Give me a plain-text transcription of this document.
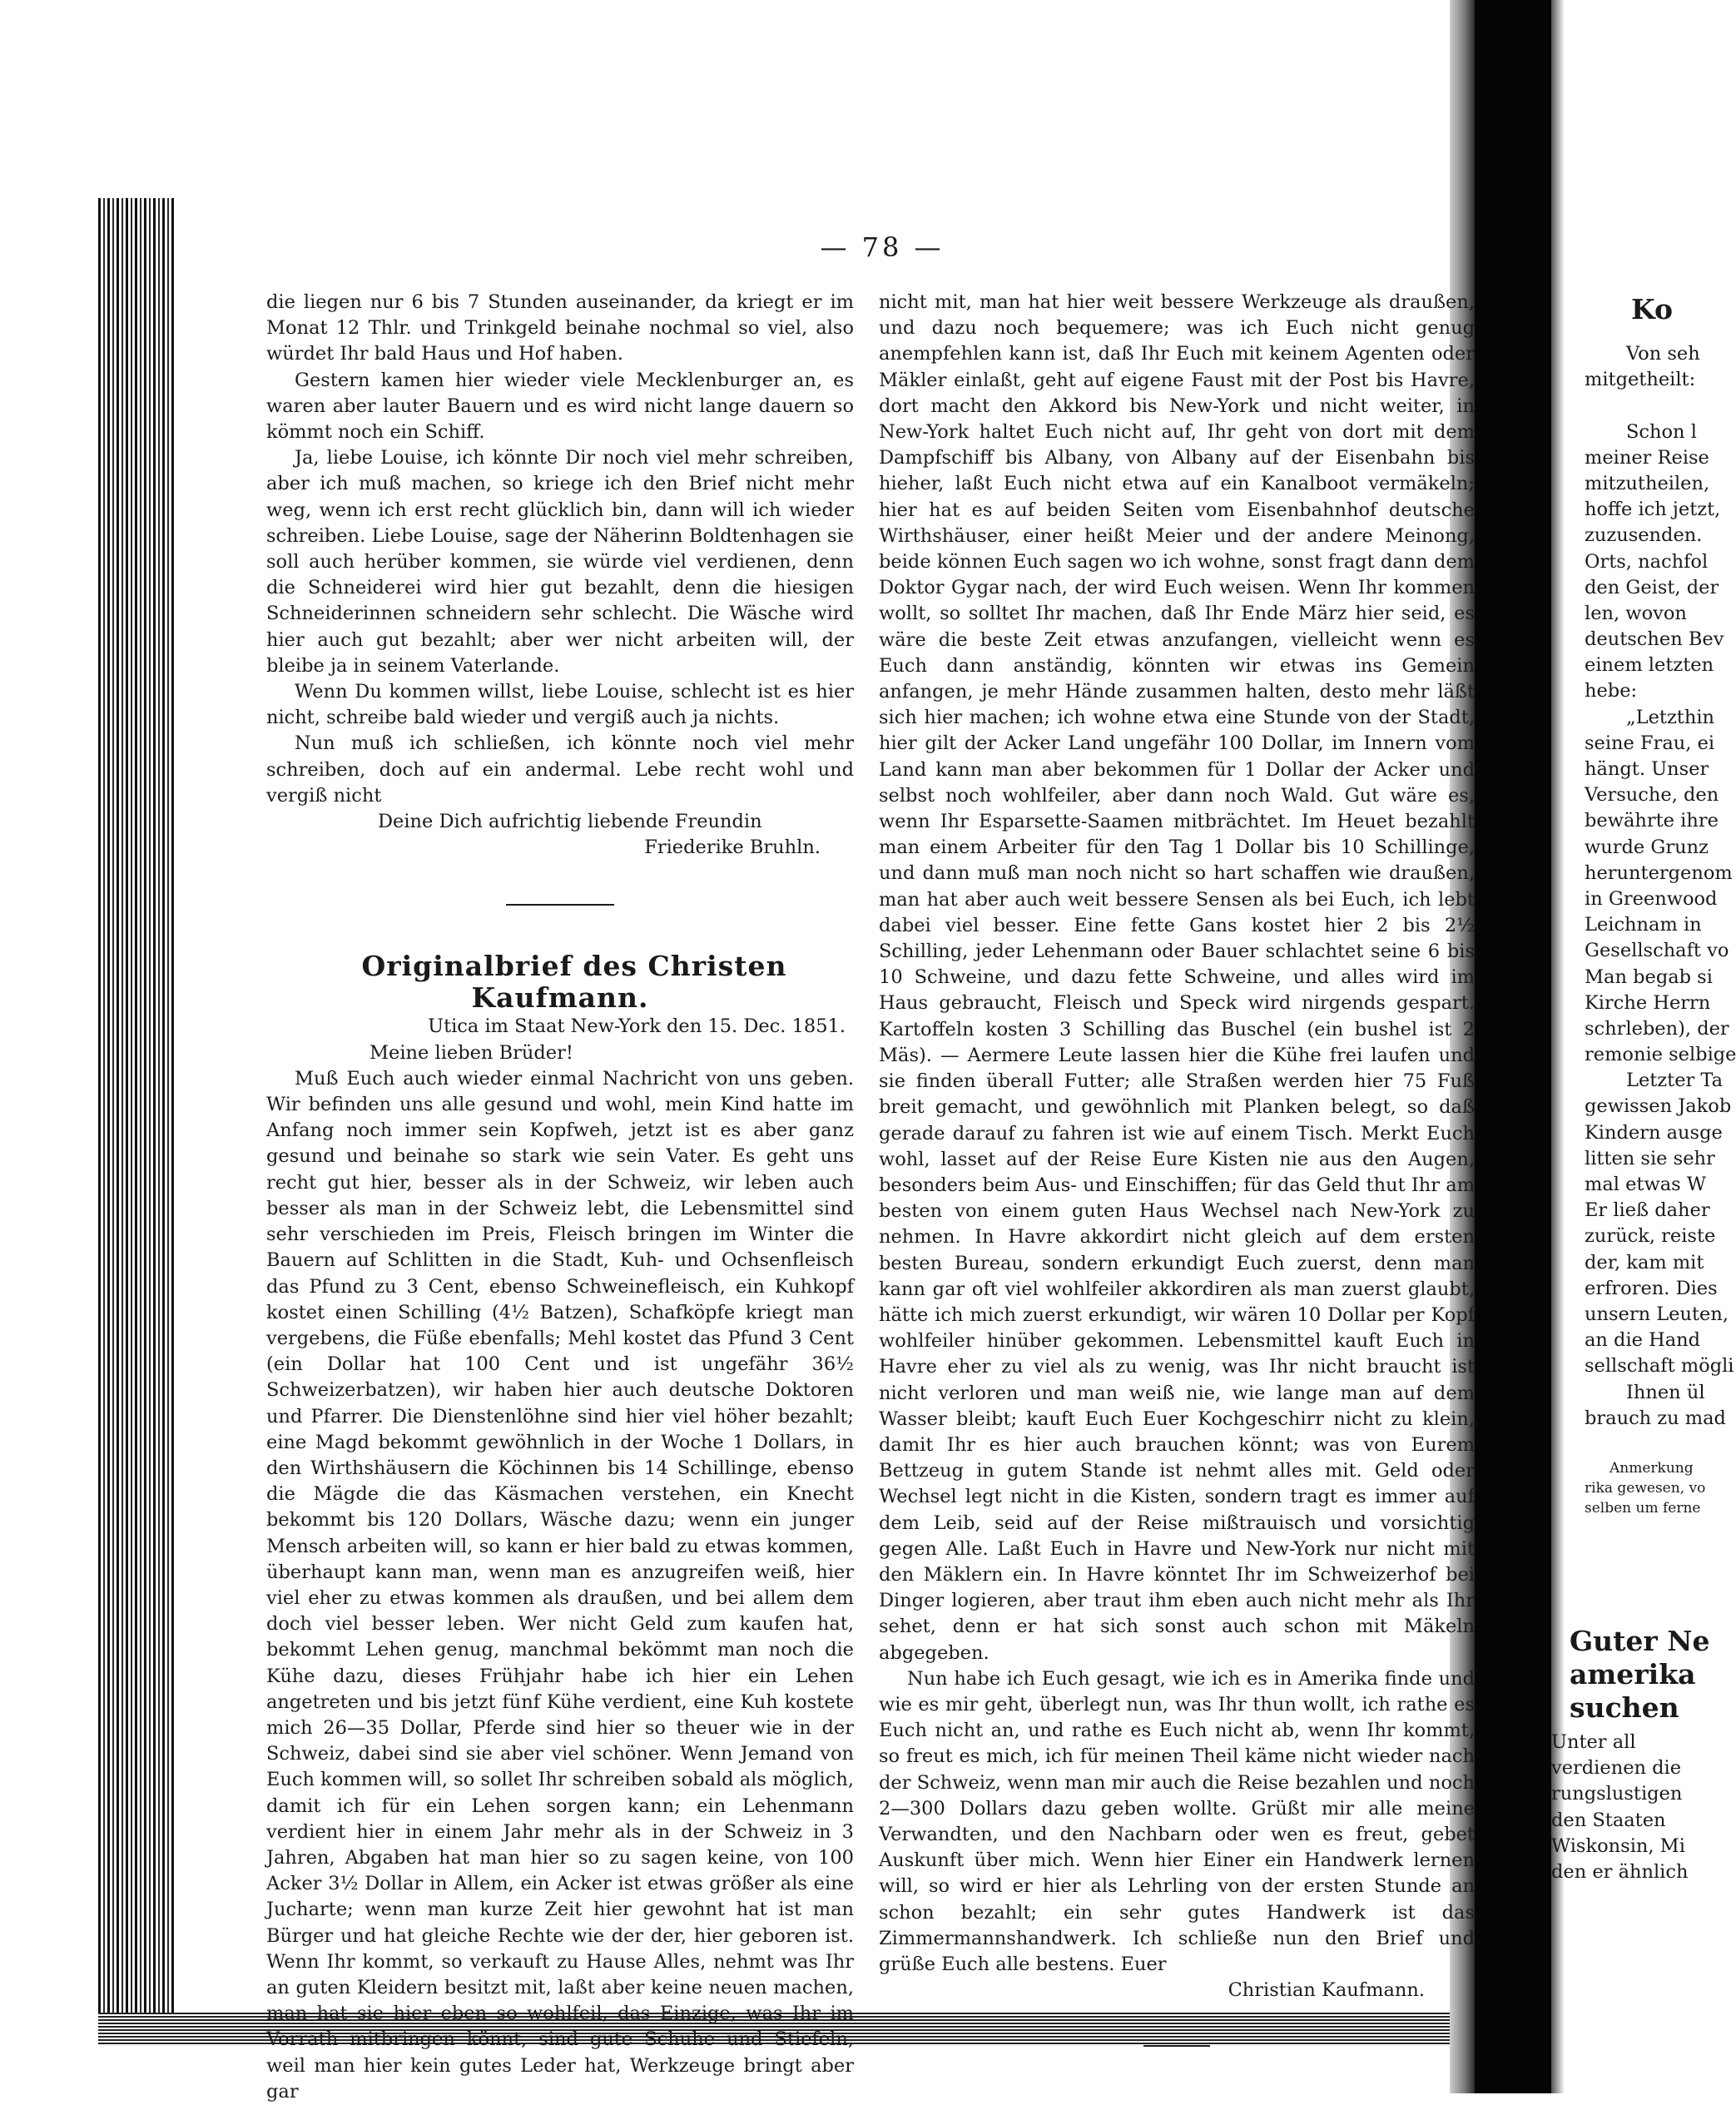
— 78 —

die liegen nur 6 bis 7 Stunden auseinander, da kriegt er im Monat 12 Thlr. und Trinkgeld beinahe nochmal so viel, also würdet Ihr bald Haus und Hof haben.

Gestern kamen hier wieder viele Mecklenburger an, es waren aber lauter Bauern und es wird nicht lange dauern so kömmt noch ein Schiff.

Ja, liebe Louise, ich könnte Dir noch viel mehr schreiben, aber ich muß machen, so kriege ich den Brief nicht mehr weg, wenn ich erst recht glücklich bin, dann will ich wieder schreiben. Liebe Louise, sage der Näherinn Boldtenhagen sie soll auch herüber kommen, sie würde viel verdienen, denn die Schneiderei wird hier gut bezahlt, denn die hiesigen Schneiderinnen schneidern sehr schlecht. Die Wäsche wird hier auch gut bezahlt; aber wer nicht arbeiten will, der bleibe ja in seinem Vaterlande.

Wenn Du kommen willst, liebe Louise, schlecht ist es hier nicht, schreibe bald wieder und vergiß auch ja nichts.

Nun muß ich schließen, ich könnte noch viel mehr schreiben, doch auf ein andermal. Lebe recht wohl und vergiß nicht

Deine Dich aufrichtig liebende Freundin

Friederike Bruhln.

Originalbrief des Christen Kaufmann.

Utica im Staat New-York den 15. Dec. 1851.

Meine lieben Brüder!

Muß Euch auch wieder einmal Nachricht von uns geben. Wir befinden uns alle gesund und wohl, mein Kind hatte im Anfang noch immer sein Kopfweh, jetzt ist es aber ganz gesund und beinahe so stark wie sein Vater. Es geht uns recht gut hier, besser als in der Schweiz, wir leben auch besser als man in der Schweiz lebt, die Lebensmittel sind sehr verschieden im Preis, Fleisch bringen im Winter die Bauern auf Schlitten in die Stadt, Kuh- und Ochsenfleisch das Pfund zu 3 Cent, ebenso Schweinefleisch, ein Kuhkopf kostet einen Schilling (4½ Batzen), Schafköpfe kriegt man vergebens, die Füße ebenfalls; Mehl kostet das Pfund 3 Cent (ein Dollar hat 100 Cent und ist ungefähr 36½ Schweizerbatzen), wir haben hier auch deutsche Doktoren und Pfarrer. Die Dienstenlöhne sind hier viel höher bezahlt; eine Magd bekommt gewöhnlich in der Woche 1 Dollars, in den Wirthshäusern die Köchinnen bis 14 Schillinge, ebenso die Mägde die das Käsmachen verstehen, ein Knecht bekommt bis 120 Dollars, Wäsche dazu; wenn ein junger Mensch arbeiten will, so kann er hier bald zu etwas kommen, überhaupt kann man, wenn man es anzugreifen weiß, hier viel eher zu etwas kommen als draußen, und bei allem dem doch viel besser leben. Wer nicht Geld zum kaufen hat, bekommt Lehen genug, manchmal bekömmt man noch die Kühe dazu, dieses Frühjahr habe ich hier ein Lehen angetreten und bis jetzt fünf Kühe verdient, eine Kuh kostete mich 26—35 Dollar, Pferde sind hier so theuer wie in der Schweiz, dabei sind sie aber viel schöner. Wenn Jemand von Euch kommen will, so sollet Ihr schreiben sobald als möglich, damit ich für ein Lehen sorgen kann; ein Lehenmann verdient hier in einem Jahr mehr als in der Schweiz in 3 Jahren, Abgaben hat man hier so zu sagen keine, von 100 Acker 3½ Dollar in Allem, ein Acker ist etwas größer als eine Jucharte; wenn man kurze Zeit hier gewohnt hat ist man Bürger und hat gleiche Rechte wie der der, hier geboren ist. Wenn Ihr kommt, so verkauft zu Hause Alles, nehmt was Ihr an guten Kleidern besitzt mit, laßt aber keine neuen machen, man hat sie hier eben so wohlfeil, das Einzige, was Ihr im Vorrath mitbringen könnt, sind gute Schuhe und Stiefeln, weil man hier kein gutes Leder hat, Werkzeuge bringt aber gar

nicht mit, man hat hier weit bessere Werkzeuge als draußen, und dazu noch bequemere; was ich Euch nicht genug anempfehlen kann ist, daß Ihr Euch mit keinem Agenten oder Mäkler einlaßt, geht auf eigene Faust mit der Post bis Havre, dort macht den Akkord bis New-York und nicht weiter, in New-York haltet Euch nicht auf, Ihr geht von dort mit dem Dampfschiff bis Albany, von Albany auf der Eisenbahn bis hieher, laßt Euch nicht etwa auf ein Kanalboot vermäkeln; hier hat es auf beiden Seiten vom Eisenbahnhof deutsche Wirthshäuser, einer heißt Meier und der andere Meinong, beide können Euch sagen wo ich wohne, sonst fragt dann dem Doktor Gygar nach, der wird Euch weisen. Wenn Ihr kommen wollt, so solltet Ihr machen, daß Ihr Ende März hier seid, es wäre die beste Zeit etwas anzufangen, vielleicht wenn es Euch dann anständig, könnten wir etwas ins Gemein anfangen, je mehr Hände zusammen halten, desto mehr läßt sich hier machen; ich wohne etwa eine Stunde von der Stadt, hier gilt der Acker Land ungefähr 100 Dollar, im Innern vom Land kann man aber bekommen für 1 Dollar der Acker und selbst noch wohlfeiler, aber dann noch Wald. Gut wäre es, wenn Ihr Esparsette-Saamen mitbrächtet. Im Heuet bezahlt man einem Arbeiter für den Tag 1 Dollar bis 10 Schillinge, und dann muß man noch nicht so hart schaffen wie draußen, man hat aber auch weit bessere Sensen als bei Euch, ich lebt dabei viel besser. Eine fette Gans kostet hier 2 bis 2½ Schilling, jeder Lehenmann oder Bauer schlachtet seine 6 bis 10 Schweine, und dazu fette Schweine, und alles wird im Haus gebraucht, Fleisch und Speck wird nirgends gespart. Kartoffeln kosten 3 Schilling das Buschel (ein bushel ist 2 Mäs). — Aermere Leute lassen hier die Kühe frei laufen und sie finden überall Futter; alle Straßen werden hier 75 Fuß breit gemacht, und gewöhnlich mit Planken belegt, so daß gerade darauf zu fahren ist wie auf einem Tisch. Merkt Euch wohl, lasset auf der Reise Eure Kisten nie aus den Augen, besonders beim Aus- und Einschiffen; für das Geld thut Ihr am besten von einem guten Haus Wechsel nach New-York zu nehmen. In Havre akkordirt nicht gleich auf dem ersten besten Bureau, sondern erkundigt Euch zuerst, denn man kann gar oft viel wohlfeiler akkordiren als man zuerst glaubt, hätte ich mich zuerst erkundigt, wir wären 10 Dollar per Kopf wohlfeiler hinüber gekommen. Lebensmittel kauft Euch in Havre eher zu viel als zu wenig, was Ihr nicht braucht ist nicht verloren und man weiß nie, wie lange man auf dem Wasser bleibt; kauft Euch Euer Kochgeschirr nicht zu klein, damit Ihr es hier auch brauchen könnt; was von Eurem Bettzeug in gutem Stande ist nehmt alles mit. Geld oder Wechsel legt nicht in die Kisten, sondern tragt es immer auf dem Leib, seid auf der Reise mißtrauisch und vorsichtig gegen Alle. Laßt Euch in Havre und New-York nur nicht mit den Mäklern ein. In Havre könntet Ihr im Schweizerhof bei Dinger logieren, aber traut ihm eben auch nicht mehr als Ihr sehet, denn er hat sich sonst auch schon mit Mäkeln abgegeben.

Nun habe ich Euch gesagt, wie ich es in Amerika finde und wie es mir geht, überlegt nun, was Ihr thun wollt, ich rathe es Euch nicht an, und rathe es Euch nicht ab, wenn Ihr kommt, so freut es mich, ich für meinen Theil käme nicht wieder nach der Schweiz, wenn man mir auch die Reise bezahlen und noch 2—300 Dollars dazu geben wollte. Grüßt mir alle meine Verwandten, und den Nachbarn oder wen es freut, gebet Auskunft über mich. Wenn hier Einer ein Handwerk lernen will, so wird er hier als Lehrling von der ersten Stunde an schon bezahlt; ein sehr gutes Handwerk ist das Zimmermannshandwerk. Ich schließe nun den Brief und grüße Euch alle bestens. Euer

Christian Kaufmann.

Ko
Von seh
mitgetheilt:
Schon l
meiner Reise
mitzutheilen,
hoffe ich jetzt,
zuzusenden.
Orts, nachfol
den Geist, der
len, wovon
deutschen Bev
einem letzten
hebe:
„Letzthin
seine Frau, ei
hängt. Unser
Versuche, den
bewährte ihre
wurde Grunz
heruntergenom
in Greenwood
Leichnam in
Gesellschaft vo
Man begab si
Kirche Herrn
schrleben), der
remonie selbige
Letzter Ta
gewissen Jakob
Kindern ausge
litten sie sehr
mal etwas W
Er ließ daher
zurück, reiste
der, kam mit
erfroren. Dies
unsern Leuten,
an die Hand
sellschaft mögli
Ihnen ül
brauch zu mad
Anmerkung
rika gewesen, vo
selben um ferne
Guter Ne
amerika
suchen
Unter all
verdienen die
rungslustigen
den Staaten
Wiskonsin, Mi
den er ähnlich
